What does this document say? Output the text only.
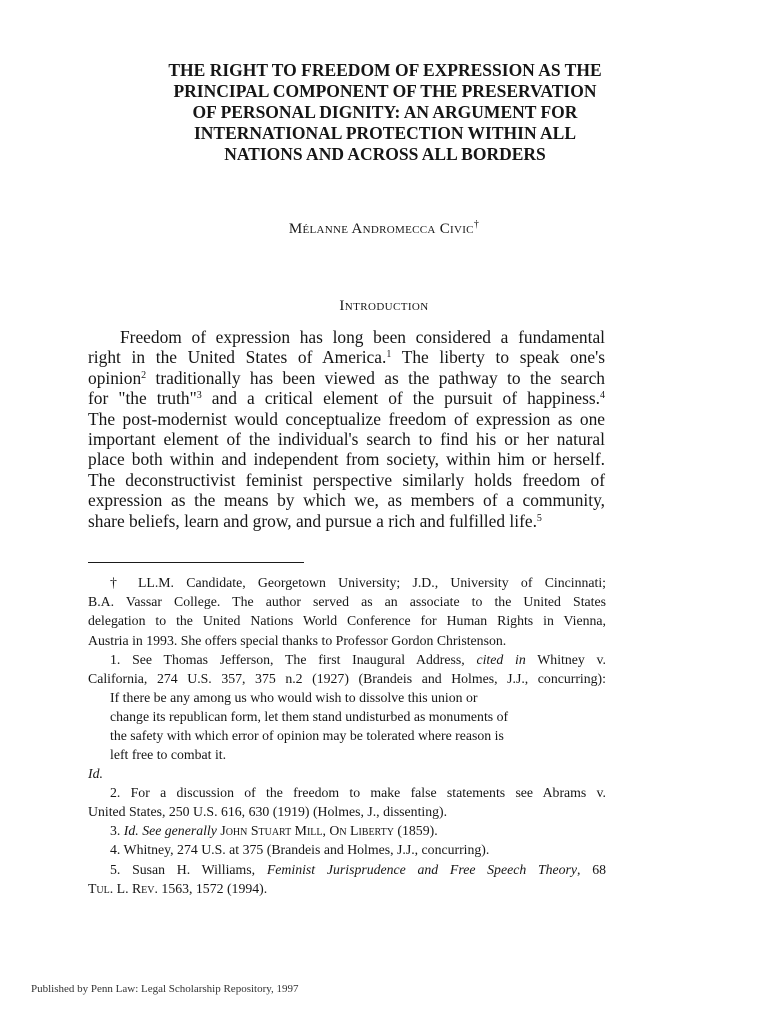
THE RIGHT TO FREEDOM OF EXPRESSION AS THE
PRINCIPAL COMPONENT OF THE PRESERVATION
OF PERSONAL DIGNITY: AN ARGUMENT FOR
INTERNATIONAL PROTECTION WITHIN ALL
NATIONS AND ACROSS ALL BORDERS
Mélanne Andromecca Civic†
Introduction
Freedom of expression has long been considered a fundamental
right in the United States of America.$^1$ The liberty to speak one's
opinion$^2$ traditionally has been viewed as the pathway to the search
for "the truth"$^3$ and a critical element of the pursuit of happiness.$^4$
The post-modernist would conceptualize freedom of expression as one
important element of the individual's search to find his or her natural
place both within and independent from society, within him or herself.
The deconstructivist feminist perspective similarly holds freedom of
expression as the means by which we, as members of a community,
share beliefs, learn and grow, and pursue a rich and fulfilled life.$^5$
† LL.M. Candidate, Georgetown University; J.D., University of Cincinnati;
B.A. Vassar College. The author served as an associate to the United States
delegation to the United Nations World Conference for Human Rights in Vienna,
Austria in 1993. She offers special thanks to Professor Gordon Christenson.
1. See Thomas Jefferson, The first Inaugural Address, cited in Whitney v.
California, 274 U.S. 357, 375 n.2 (1927) (Brandeis and Holmes, J.J., concurring):
If there be any among us who would wish to dissolve this union or
change its republican form, let them stand undisturbed as monuments of
the safety with which error of opinion may be tolerated where reason is
left free to combat it.
Id.
2. For a discussion of the freedom to make false statements see Abrams v.
United States, 250 U.S. 616, 630 (1919) (Holmes, J., dissenting).
3. Id. See generally John Stuart Mill, On Liberty (1859).
4. Whitney, 274 U.S. at 375 (Brandeis and Holmes, J.J., concurring).
5. Susan H. Williams, Feminist Jurisprudence and Free Speech Theory, 68
Tul. L. Rev. 1563, 1572 (1994).
Published by Penn Law: Legal Scholarship Repository, 1997
